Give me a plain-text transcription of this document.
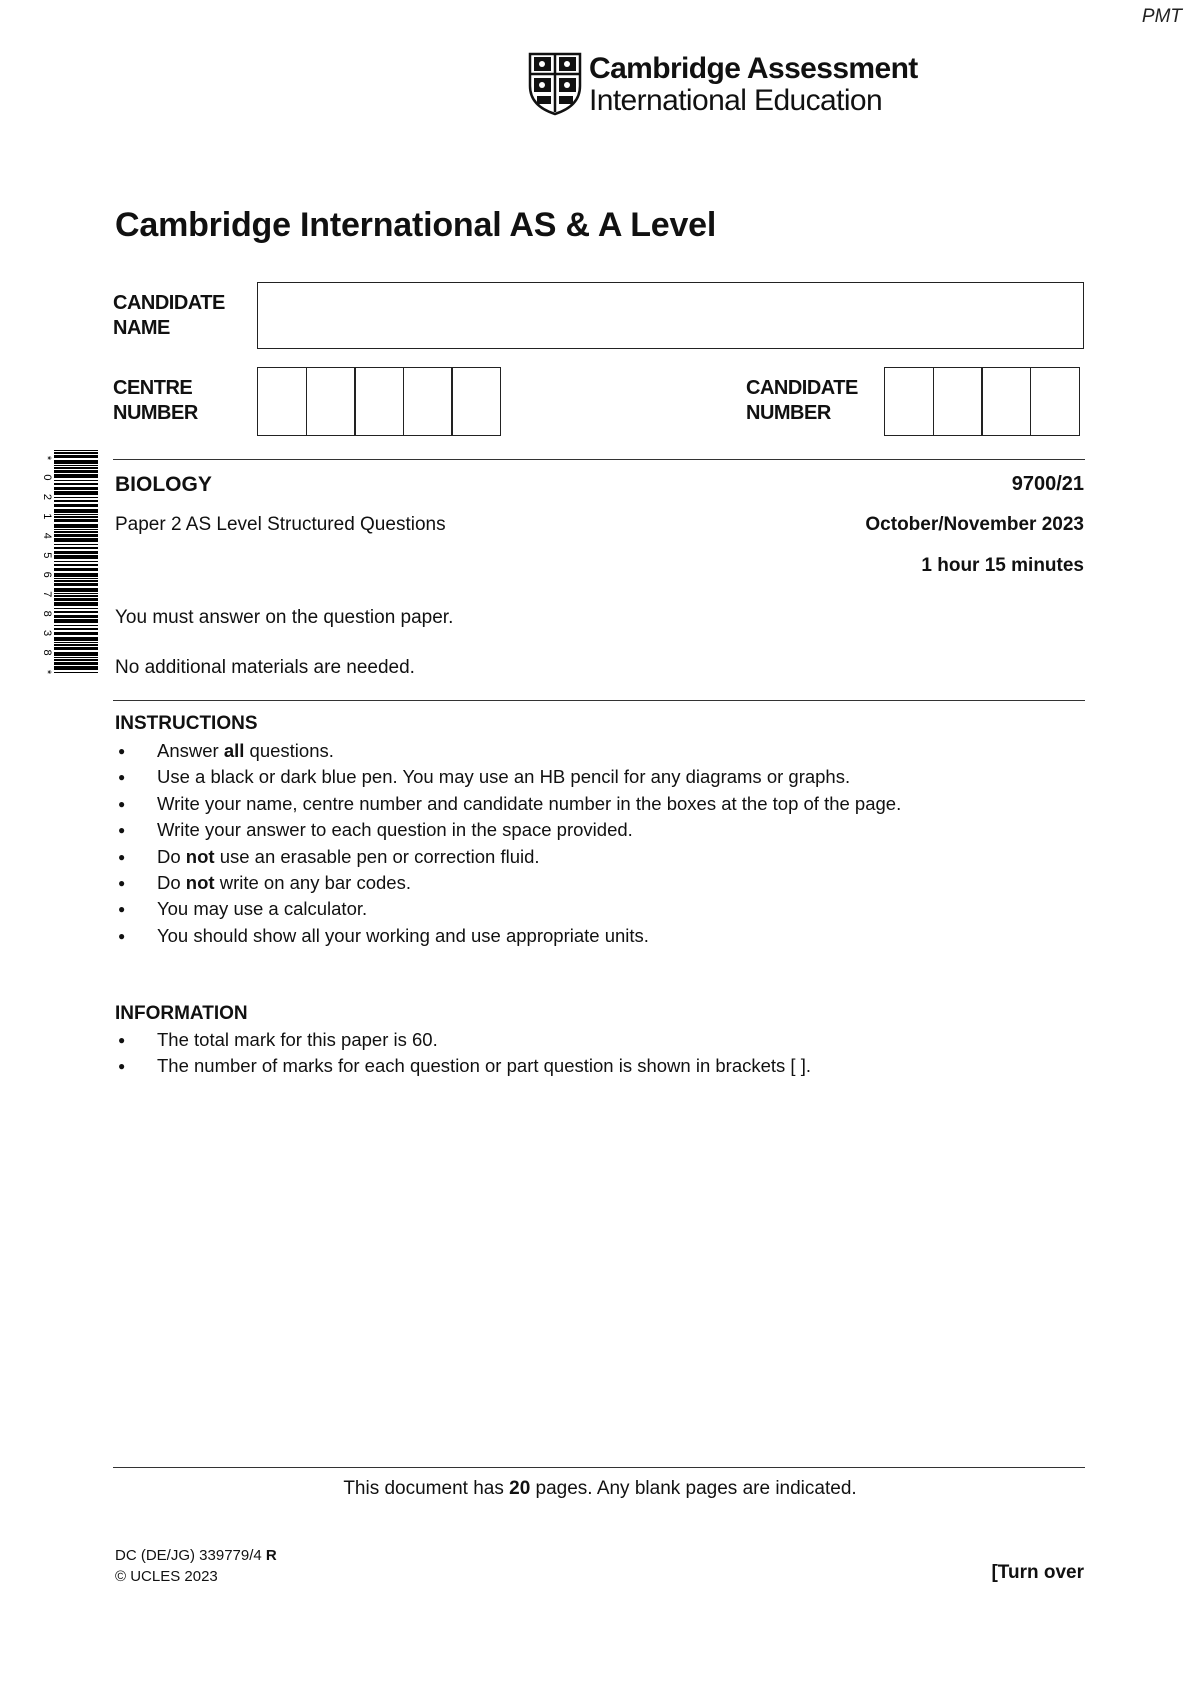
PMT
Cambridge Assessment
International Education
Cambridge International AS & A Level
CANDIDATE
NAME
CENTRE
NUMBER
CANDIDATE
NUMBER
*
0
2
1
4
5
6
7
8
3
8
*
BIOLOGY	9700/21
Paper 2 AS Level Structured Questions	October/November 2023
1 hour 15 minutes
You must answer on the question paper.
No additional materials are needed.
INSTRUCTIONS
● Answer all questions.
● Use a black or dark blue pen. You may use an HB pencil for any diagrams or graphs.
● Write your name, centre number and candidate number in the boxes at the top of the page.
● Write your answer to each question in the space provided.
● Do not use an erasable pen or correction fluid.
● Do not write on any bar codes.
● You may use a calculator.
● You should show all your working and use appropriate units.
INFORMATION
● The total mark for this paper is 60.
● The number of marks for each question or part question is shown in brackets [ ].
This document has 20 pages. Any blank pages are indicated.
DC (DE/JG) 339779/4 R
© UCLES 2023	[Turn over
